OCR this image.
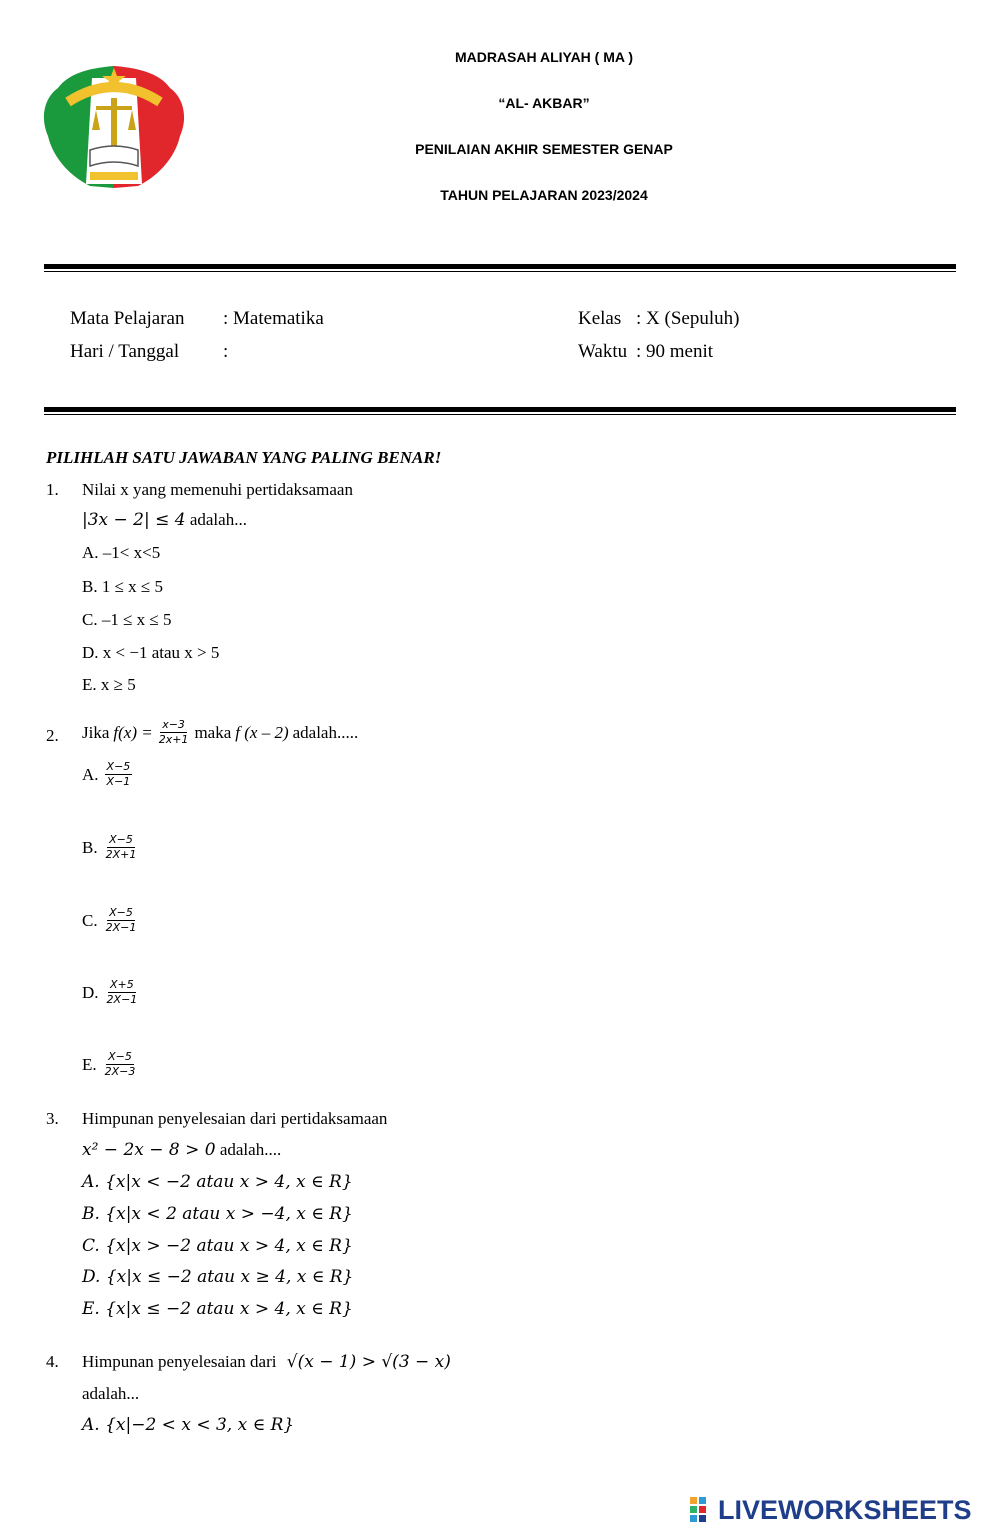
MADRASAH ALIYAH ( MA )
“AL- AKBAR”
PENILAIAN AKHIR SEMESTER GENAP
TAHUN PELAJARAN 2023/2024
Mata Pelajaran : Matematika
Hari / Tanggal :
Kelas : X (Sepuluh)
Waktu : 90 menit
PILIHLAH SATU JAWABAN YANG PALING BENAR!
1. Nilai x yang memenuhi pertidaksamaan
|3x − 2| ≤ 4 adalah...
A. –1< x<5
B. 1 ≤ x ≤ 5
C. –1 ≤ x ≤ 5
D. x < −1 atau x > 5
E. x ≥ 5
2. Jika $f(x) = \frac{x-3}{2x+1}$ maka f (x – 2) adalah.....
A. $\frac{X-5}{X-1}$
B. $\frac{X-5}{2X+1}$
C. $\frac{X-5}{2X-1}$
D. $\frac{X+5}{2X-1}$
E. $\frac{X-5}{2X-3}$
3. Himpunan penyelesaian dari pertidaksamaan
x² − 2x − 8 > 0 adalah....
A. {x|x < −2 atau x > 4, x ∈ R}
B. {x|x < 2 atau x > −4, x ∈ R}
C. {x|x > −2 atau x > 4, x ∈ R}
D. {x|x ≤ −2 atau x ≥ 4, x ∈ R}
E. {x|x ≤ −2 atau x > 4, x ∈ R}
4. Himpunan penyelesaian dari √(x − 1) > √(3 − x)
adalah...
A. {x|−2 < x < 3, x ∈ R}
LIVEWORKSHEETS
